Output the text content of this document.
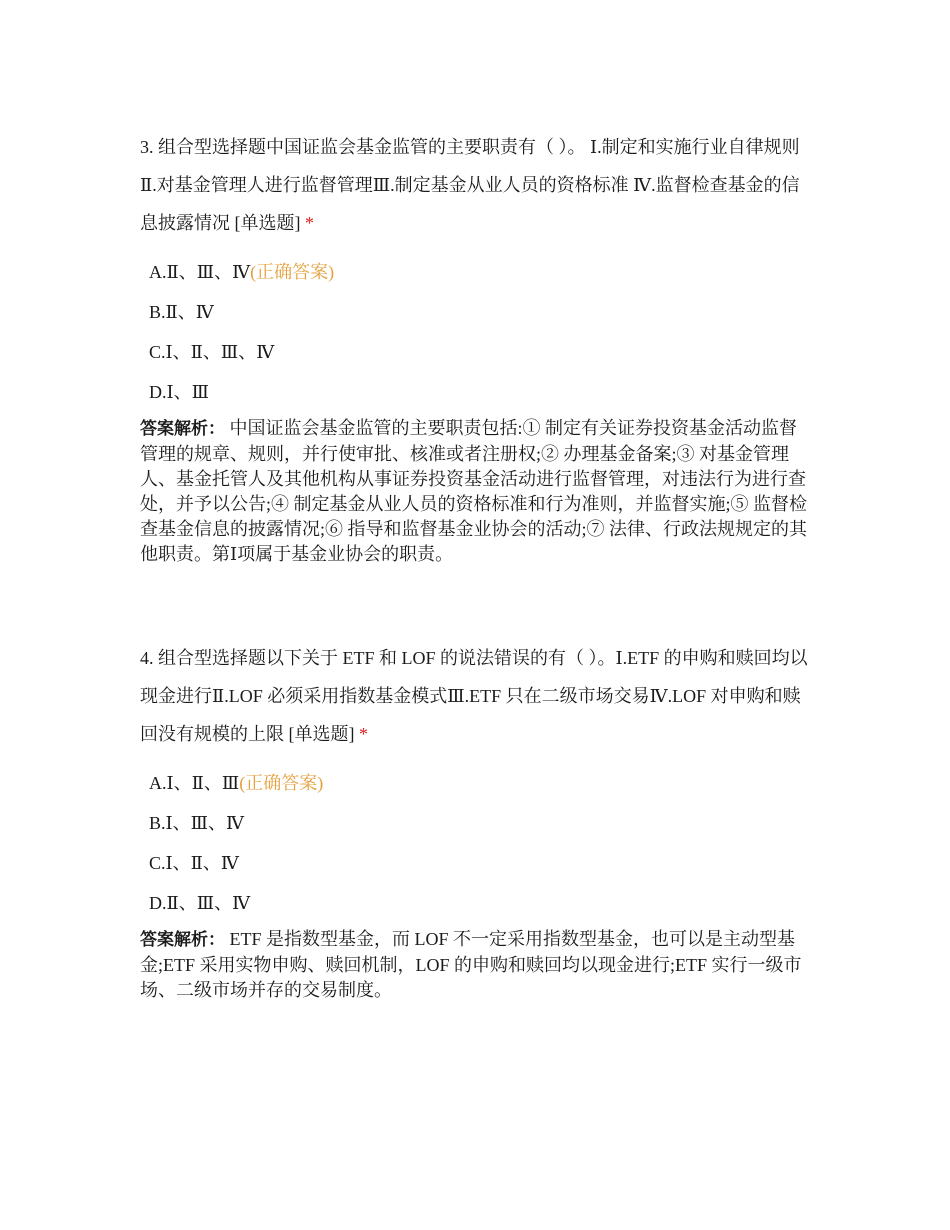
3. 组合型选择题中国证监会基金监管的主要职责有（ ）。 Ⅰ.制定和实施行业自律规则 Ⅱ.对基金管理人进行监督管理Ⅲ.制定基金从业人员的资格标准 Ⅳ.监督检查基金的信息披露情况 [单选题] *

A.Ⅱ、Ⅲ、Ⅳ(正确答案)
B.Ⅱ、Ⅳ
C.Ⅰ、Ⅱ、Ⅲ、Ⅳ
D.Ⅰ、Ⅲ
答案解析： 中国证监会基金监管的主要职责包括:① 制定有关证券投资基金活动监督管理的规章、规则，并行使审批、核准或者注册权;② 办理基金备案;③ 对基金管理人、基金托管人及其他机构从事证券投资基金活动进行监督管理，对违法行为进行查处，并予以公告;④ 制定基金从业人员的资格标准和行为准则，并监督实施;⑤ 监督检查基金信息的披露情况;⑥ 指导和监督基金业协会的活动;⑦ 法律、行政法规规定的其他职责。第Ⅰ项属于基金业协会的职责。

4. 组合型选择题以下关于 ETF 和 LOF 的说法错误的有（ ）。Ⅰ.ETF 的申购和赎回均以现金进行Ⅱ.LOF 必须采用指数基金模式Ⅲ.ETF 只在二级市场交易Ⅳ.LOF 对申购和赎回没有规模的上限 [单选题] *

A.Ⅰ、Ⅱ、Ⅲ(正确答案)
B.Ⅰ、Ⅲ、Ⅳ
C.Ⅰ、Ⅱ、Ⅳ
D.Ⅱ、Ⅲ、Ⅳ
答案解析： ETF 是指数型基金，而 LOF 不一定采用指数型基金，也可以是主动型基金;ETF 采用实物申购、赎回机制，LOF 的申购和赎回均以现金进行;ETF 实行一级市场、二级市场并存的交易制度。
